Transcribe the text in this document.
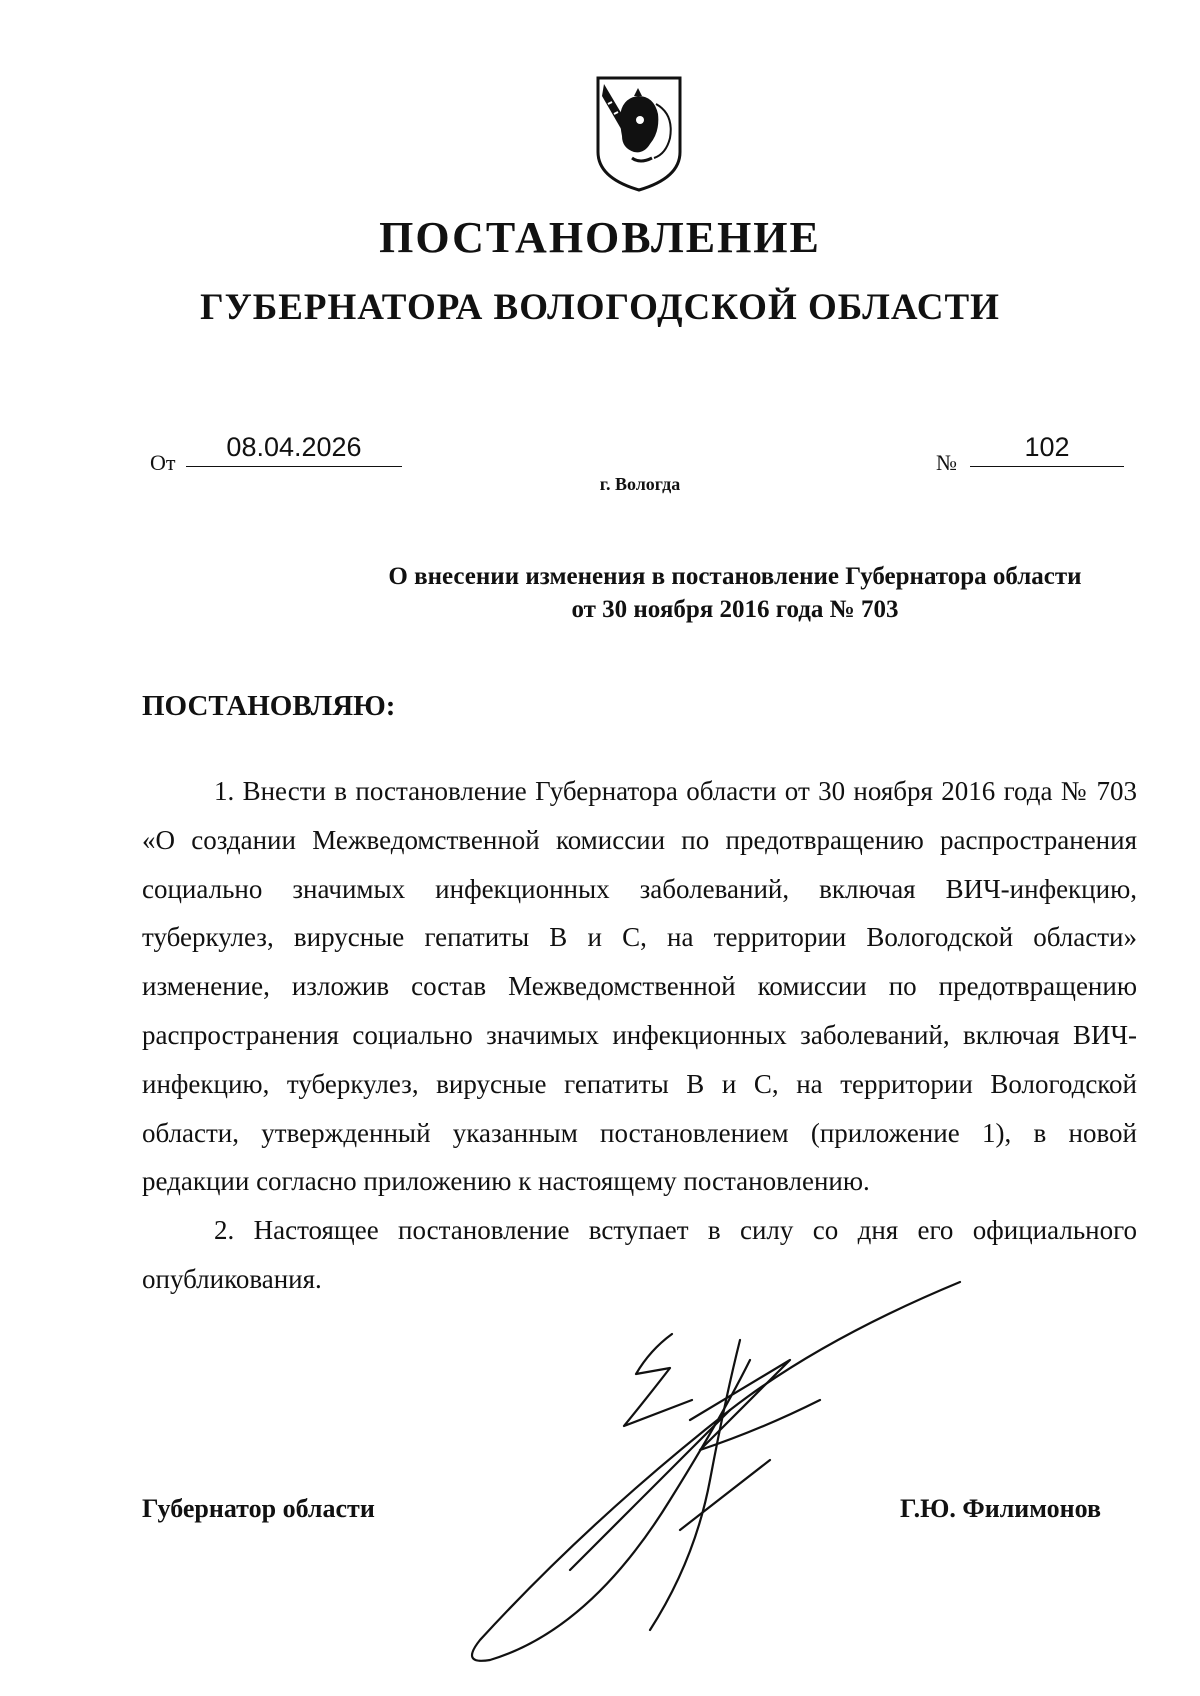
ПОСТАНОВЛЕНИЕ
ГУБЕРНАТОРА ВОЛОГОДСКОЙ ОБЛАСТИ
От
08.04.2026
№
102
г. Вологда
О внесении изменения в постановление Губернатора области
от 30 ноября 2016 года № 703
ПОСТАНОВЛЯЮ:

1. Внести в постановление Губернатора области от 30 ноября 2016 года № 703 «О создании Межведомственной комиссии по предотвращению распространения социально значимых инфекционных заболеваний, включая ВИЧ-инфекцию, туберкулез, вирусные гепатиты В и С, на территории Вологодской области» изменение, изложив состав Межведомственной комиссии по предотвращению распространения социально значимых инфекционных заболеваний, включая ВИЧ-инфекцию, туберкулез, вирусные гепатиты В и С, на территории Вологодской области, утвержденный указанным постановлением (приложение 1), в новой редакции согласно приложению к настоящему постановлению.

2. Настоящее постановление вступает в силу со дня его официального опубликования.

Губернатор области	Г.Ю. Филимонов
